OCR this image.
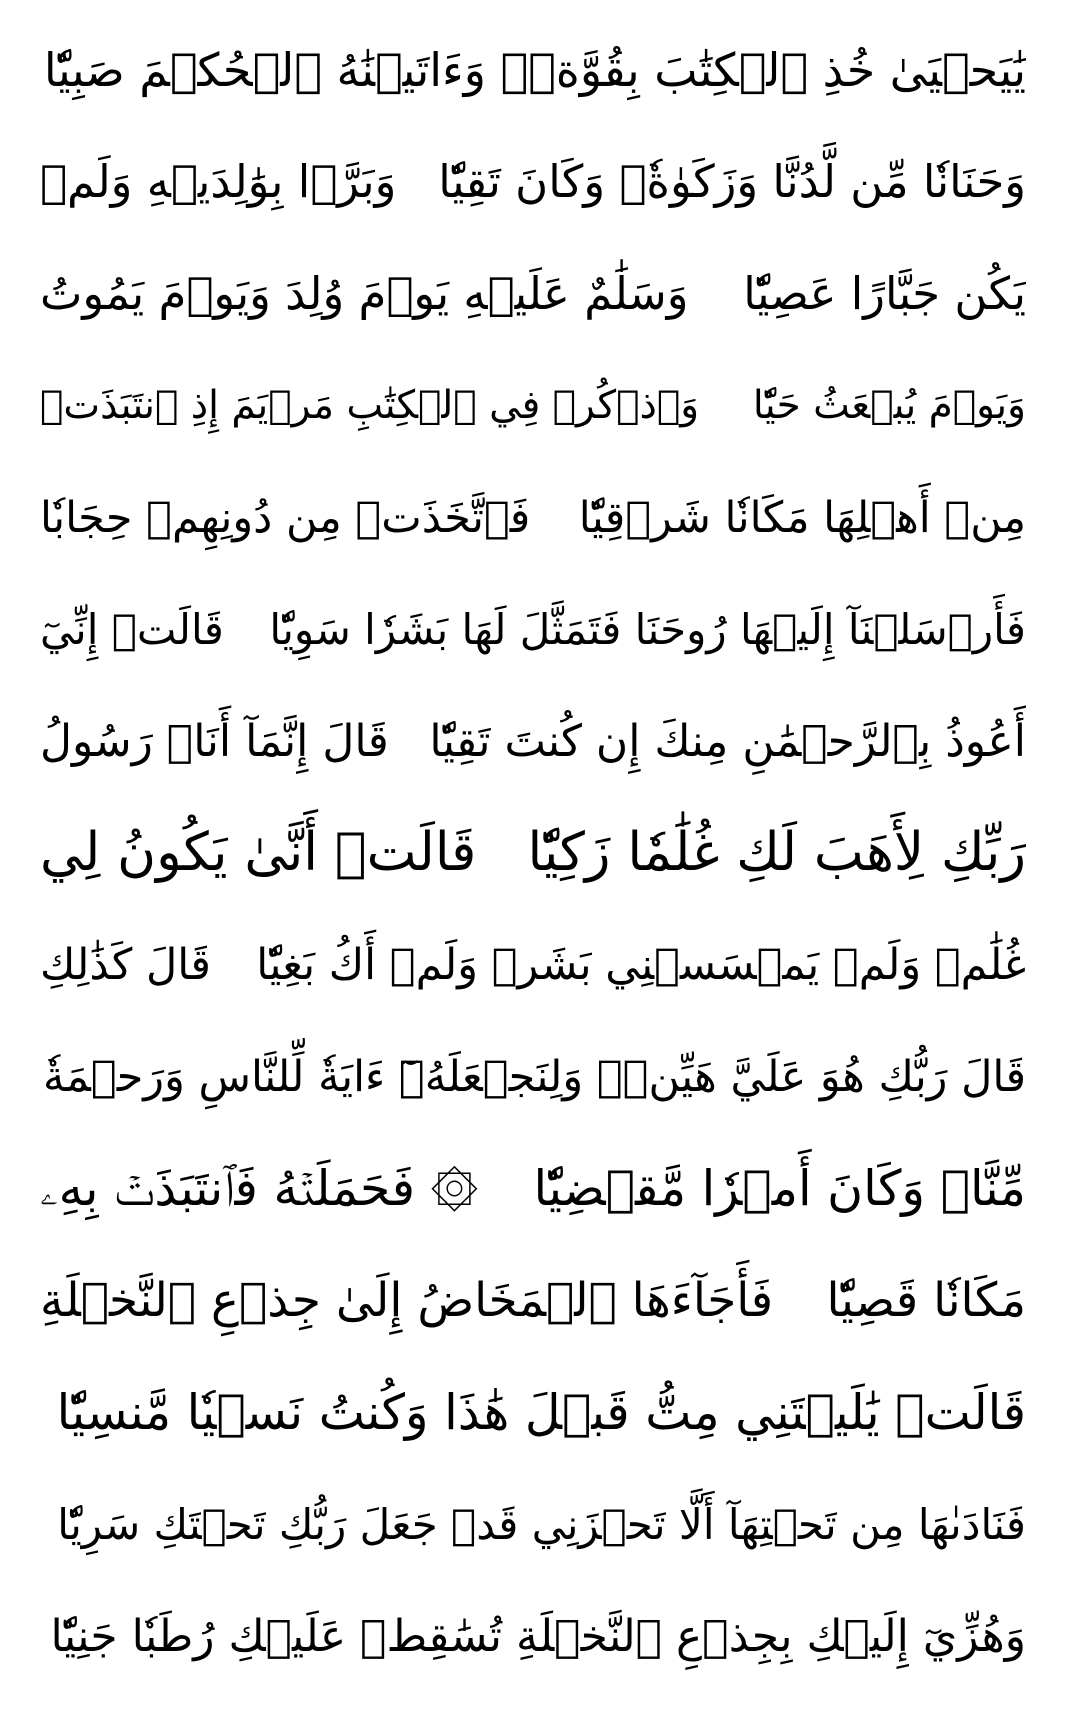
يَٰيَحۡيَىٰ خُذِ ٱلۡكِتَٰبَ بِقُوَّةٖۖ وَءَاتَيۡنَٰهُ ٱلۡحُكۡمَ صَبِيّٗا
وَحَنَانٗا مِّن لَّدُنَّا وَزَكَوٰةٗۖ وَكَانَ تَقِيّٗا
وَبَرَّۢا بِوَٰلِدَيۡهِ وَلَمۡ
يَكُن جَبَّارًا عَصِيّٗا
وَسَلَٰمٌ عَلَيۡهِ يَوۡمَ وُلِدَ وَيَوۡمَ يَمُوتُ
وَيَوۡمَ يُبۡعَثُ حَيّٗا
وَٱذۡكُرۡ فِي ٱلۡكِتَٰبِ مَرۡيَمَ إِذِ ٱنتَبَذَتۡ
مِنۡ أَهۡلِهَا مَكَانٗا شَرۡقِيّٗا
فَٱتَّخَذَتۡ مِن دُونِهِمۡ حِجَابٗا
فَأَرۡسَلۡنَآ إِلَيۡهَا رُوحَنَا فَتَمَثَّلَ لَهَا بَشَرٗا سَوِيّٗا
قَالَتۡ إِنِّيٓ
أَعُوذُ بِٱلرَّحۡمَٰنِ مِنكَ إِن كُنتَ تَقِيّٗا
قَالَ إِنَّمَآ أَنَا۠ رَسُولُ
رَبِّكِ لِأَهَبَ لَكِ غُلَٰمٗا زَكِيّٗا
قَالَتۡ أَنَّىٰ يَكُونُ لِي
غُلَٰمٞ وَلَمۡ يَمۡسَسۡنِي بَشَرٞ وَلَمۡ أَكُ بَغِيّٗا
قَالَ كَذَٰلِكِ
قَالَ رَبُّكِ هُوَ عَلَيَّ هَيِّنٞۖ وَلِنَجۡعَلَهُۥٓ ءَايَةٗ لِّلنَّاسِ وَرَحۡمَةٗ
مِّنَّاۚ وَكَانَ أَمۡرٗا مَّقۡضِيّٗا
۞ فَحَمَلَتۡهُ فَٱنتَبَذَتۡ بِهِۦ
مَكَانٗا قَصِيّٗا
فَأَجَآءَهَا ٱلۡمَخَاضُ إِلَىٰ جِذۡعِ ٱلنَّخۡلَةِ
قَالَتۡ يَٰلَيۡتَنِي مِتُّ قَبۡلَ هَٰذَا وَكُنتُ نَسۡيٗا مَّنسِيّٗا
فَنَادَىٰهَا مِن تَحۡتِهَآ أَلَّا تَحۡزَنِي قَدۡ جَعَلَ رَبُّكِ تَحۡتَكِ سَرِيّٗا
وَهُزِّيٓ إِلَيۡكِ بِجِذۡعِ ٱلنَّخۡلَةِ تُسَٰقِطۡ عَلَيۡكِ رُطَبٗا جَنِيّٗا
